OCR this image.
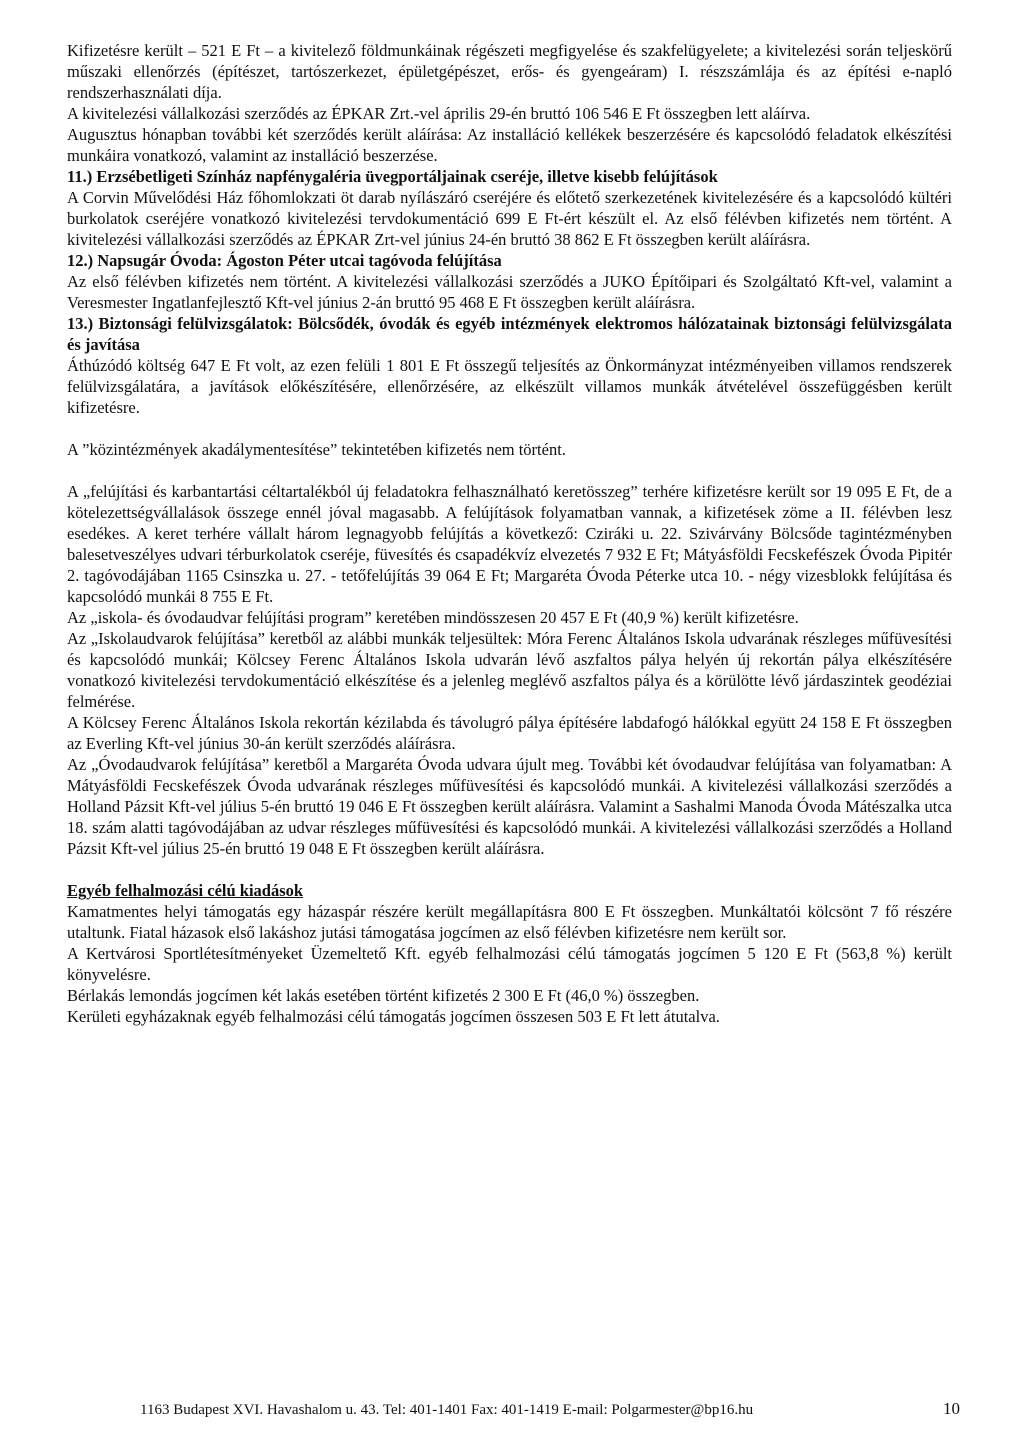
Kifizetésre került – 521 E Ft – a kivitelező földmunkáinak régészeti megfigyelése és szakfelügyelete; a kivitelezési során teljeskörű műszaki ellenőrzés (építészet, tartószerkezet, épületgépészet, erős- és gyengeáram) I. részszámlája és az építési e-napló rendszerhasználati díja.

A kivitelezési vállalkozási szerződés az ÉPKAR Zrt.-vel április 29-én bruttó 106 546 E Ft összegben lett aláírva.

Augusztus hónapban további két szerződés került aláírása: Az installáció kellékek beszerzésére és kapcsolódó feladatok elkészítési munkáira vonatkozó, valamint az installáció beszerzése.

11.) Erzsébetligeti Színház napfénygaléria üvegportáljainak cseréje, illetve kisebb felújítások

A Corvin Művelődési Ház főhomlokzati öt darab nyílászáró cseréjére és előtető szerkezetének kivitelezésére és a kapcsolódó kültéri burkolatok cseréjére vonatkozó kivitelezési tervdokumentáció 699 E Ft-ért készült el. Az első félévben kifizetés nem történt. A kivitelezési vállalkozási szerződés az ÉPKAR Zrt-vel június 24-én bruttó 38 862 E Ft összegben került aláírásra.

12.) Napsugár Óvoda: Ágoston Péter utcai tagóvoda felújítása

Az első félévben kifizetés nem történt. A kivitelezési vállalkozási szerződés a JUKO Építőipari és Szolgáltató Kft-vel, valamint a Veresmester Ingatlanfejlesztő Kft-vel június 2-án bruttó 95 468 E Ft összegben került aláírásra.

13.) Biztonsági felülvizsgálatok: Bölcsődék, óvodák és egyéb intézmények elektromos hálózatainak biztonsági felülvizsgálata és javítása

Áthúzódó költség 647 E Ft volt, az ezen felüli 1 801 E Ft összegű teljesítés az Önkormányzat intézményeiben villamos rendszerek felülvizsgálatára, a javítások előkészítésére, ellenőrzésére, az elkészült villamos munkák átvételével összefüggésben került kifizetésre.

A ”közintézmények akadálymentesítése” tekintetében kifizetés nem történt.

A „felújítási és karbantartási céltartalékból új feladatokra felhasználható keretösszeg” terhére kifizetésre került sor 19 095 E Ft, de a kötelezettségvállalások összege ennél jóval magasabb. A felújítások folyamatban vannak, a kifizetések zöme a II. félévben lesz esedékes. A keret terhére vállalt három legnagyobb felújítás a következő: Cziráki u. 22. Szivárvány Bölcsőde tagintézményben balesetveszélyes udvari térburkolatok cseréje, füvesítés és csapadékvíz elvezetés 7 932 E Ft; Mátyásföldi Fecskefészek Óvoda Pipitér 2. tagóvodájában 1165 Csinszka u. 27. - tetőfelújítás 39 064 E Ft; Margaréta Óvoda Péterke utca 10. - négy vizesblokk felújítása és kapcsolódó munkái 8 755 E Ft.

Az „iskola- és óvodaudvar felújítási program” keretében mindösszesen 20 457 E Ft (40,9 %) került kifizetésre.

Az „Iskolaudvarok felújítása” keretből az alábbi munkák teljesültek: Móra Ferenc Általános Iskola udvarának részleges műfüvesítési és kapcsolódó munkái; Kölcsey Ferenc Általános Iskola udvarán lévő aszfaltos pálya helyén új rekortán pálya elkészítésére vonatkozó kivitelezési tervdokumentáció elkészítése és a jelenleg meglévő aszfaltos pálya és a körülötte lévő járdaszintek geodéziai felmérése.

A Kölcsey Ferenc Általános Iskola rekortán kézilabda és távolugró pálya építésére labdafogó hálókkal együtt 24 158 E Ft összegben az Everling Kft-vel június 30-án került szerződés aláírásra.

Az „Óvodaudvarok felújítása” keretből a Margaréta Óvoda udvara újult meg. További két óvodaudvar felújítása van folyamatban: A Mátyásföldi Fecskefészek Óvoda udvarának részleges műfüvesítési és kapcsolódó munkái. A kivitelezési vállalkozási szerződés a Holland Pázsit Kft-vel július 5-én bruttó 19 046 E Ft összegben került aláírásra. Valamint a Sashalmi Manoda Óvoda Mátészalka utca 18. szám alatti tagóvodájában az udvar részleges műfüvesítési és kapcsolódó munkái. A kivitelezési vállalkozási szerződés a Holland Pázsit Kft-vel július 25-én bruttó 19 048 E Ft összegben került aláírásra.

Egyéb felhalmozási célú kiadások

Kamatmentes helyi támogatás egy házaspár részére került megállapításra 800 E Ft összegben. Munkáltatói kölcsönt 7 fő részére utaltunk. Fiatal házasok első lakáshoz jutási támogatása jogcímen az első félévben kifizetésre nem került sor.

A Kertvárosi Sportlétesítményeket Üzemeltető Kft. egyéb felhalmozási célú támogatás jogcímen 5 120 E Ft (563,8 %) került könyvelésre.

Bérlakás lemondás jogcímen két lakás esetében történt kifizetés 2 300 E Ft (46,0 %) összegben.

Kerületi egyházaknak egyéb felhalmozási célú támogatás jogcímen összesen 503 E Ft lett átutalva.

1163 Budapest XVI. Havashalom u. 43. Tel: 401-1401 Fax: 401-1419 E-mail: Polgarmester@bp16.hu	10
